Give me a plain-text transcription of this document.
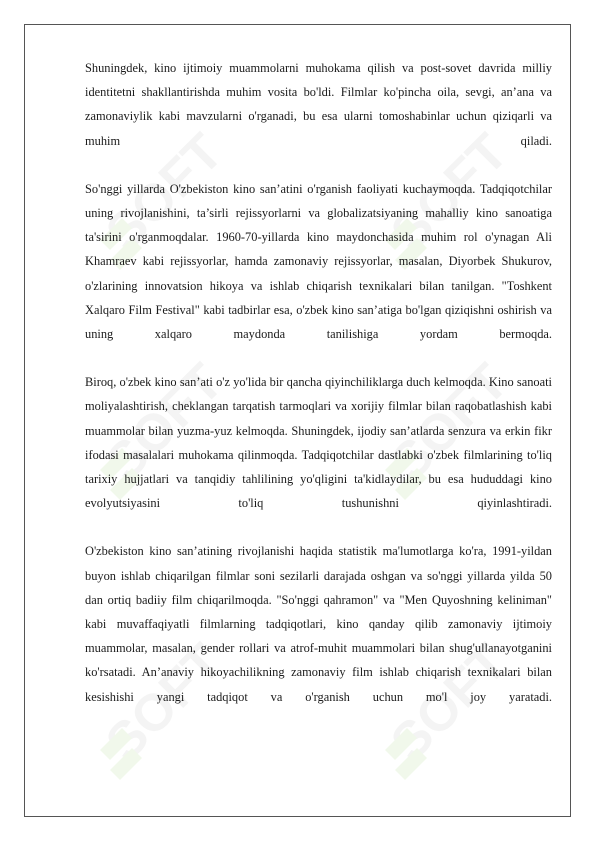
SOFT	SOFT
SOFT	SOFT
SOFT	SOFT

Shuningdek, kino ijtimoiy muammolarni muhokama qilish va post-sovet davrida milliy identitetni shakllantirishda muhim vosita bo'ldi. Filmlar ko'pincha oila, sevgi, an’ana va zamonaviylik kabi mavzularni o'rganadi, bu esa ularni tomoshabinlar uchun qiziqarli va muhim qiladi.

So'nggi yillarda O'zbekiston kino san’atini o'rganish faoliyati kuchaymoqda. Tadqiqotchilar uning rivojlanishini, ta’sirli rejissyorlarni va globalizatsiyaning mahalliy kino sanoatiga ta'sirini o'rganmoqdalar. 1960-70-yillarda kino maydonchasida muhim rol o'ynagan Ali Khamraev kabi rejissyorlar, hamda zamonaviy rejissyorlar, masalan, Diyorbek Shukurov, o'zlarining innovatsion hikoya va ishlab chiqarish texnikalari bilan tanilgan. "Toshkent Xalqaro Film Festival" kabi tadbirlar esa, o'zbek kino san’atiga bo'lgan qiziqishni oshirish va uning xalqaro maydonda tanilishiga yordam bermoqda.

Biroq, o'zbek kino san’ati o'z yo'lida bir qancha qiyinchiliklarga duch kelmoqda. Kino sanoati moliyalashtirish, cheklangan tarqatish tarmoqlari va xorijiy filmlar bilan raqobatlashish kabi muammolar bilan yuzma-yuz kelmoqda. Shuningdek, ijodiy san’atlarda senzura va erkin fikr ifodasi masalalari muhokama qilinmoqda. Tadqiqotchilar dastlabki o'zbek filmlarining to'liq tarixiy hujjatlari va tanqidiy tahlilining yo'qligini ta'kidlaydilar, bu esa hududdagi kino evolyutsiyasini to'liq tushunishni qiyinlashtiradi.

O'zbekiston kino san’atining rivojlanishi haqida statistik ma'lumotlarga ko'ra, 1991-yildan buyon ishlab chiqarilgan filmlar soni sezilarli darajada oshgan va so'nggi yillarda yilda 50 dan ortiq badiiy film chiqarilmoqda. "So'nggi qahramon" va "Men Quyoshning keliniman" kabi muvaffaqiyatli filmlarning tadqiqotlari, kino qanday qilib zamonaviy ijtimoiy muammolar, masalan, gender rollari va atrof-muhit muammolari bilan shug'ullanayotganini ko'rsatadi. An’anaviy hikoyachilikning zamonaviy film ishlab chiqarish texnikalari bilan kesishishi yangi tadqiqot va o'rganish uchun mo'l joy yaratadi.
